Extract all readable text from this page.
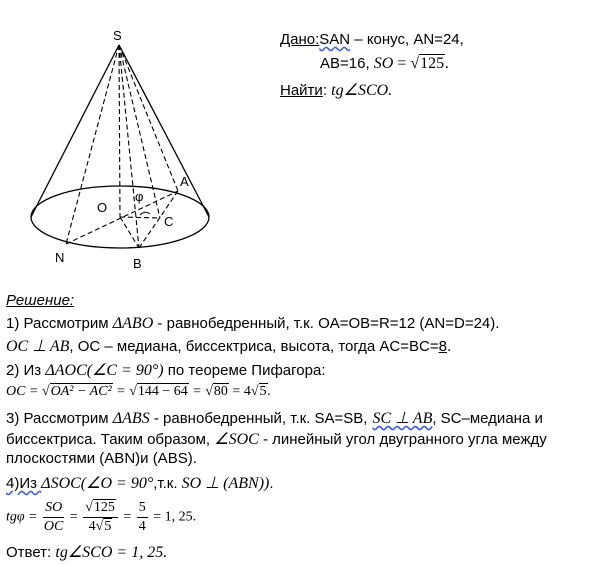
S
A
O
φ
C
N	B
Дано:SAN – конус, AN=24,
AB=16, SO = √125.
Найти: tg∠SCO.
Решение:
1) Рассмотрим ΔABO - равнобедренный, т.к. OA=OB=R=12 (AN=D=24).
OC ⊥ AB, OC – медиана, биссектриса, высота, тогда AC=BC=8.
2) Из ΔAOC(∠C = 90°) по теореме Пифагора:
OC = √OA² − AC² = √144 − 64 = √80 = 4√5.
3) Рассмотрим ΔABS - равнобедренный, т.к. SA=SB, SC ⊥ AB, SC–медиана и
биссектриса. Таким образом, ∠SOC - линейный угол двугранного угла между
плоскостями (ABN)и (ABS).
4)Из ΔSOC(∠O = 90°,т.к. SO ⊥ (ABN)).
$tg\varphi = \frac{SO}{OC} = \frac{√125}{4√5} = \frac{5}{4} = 1$, 25.
Ответ: tg∠SCO = 1, 25.
